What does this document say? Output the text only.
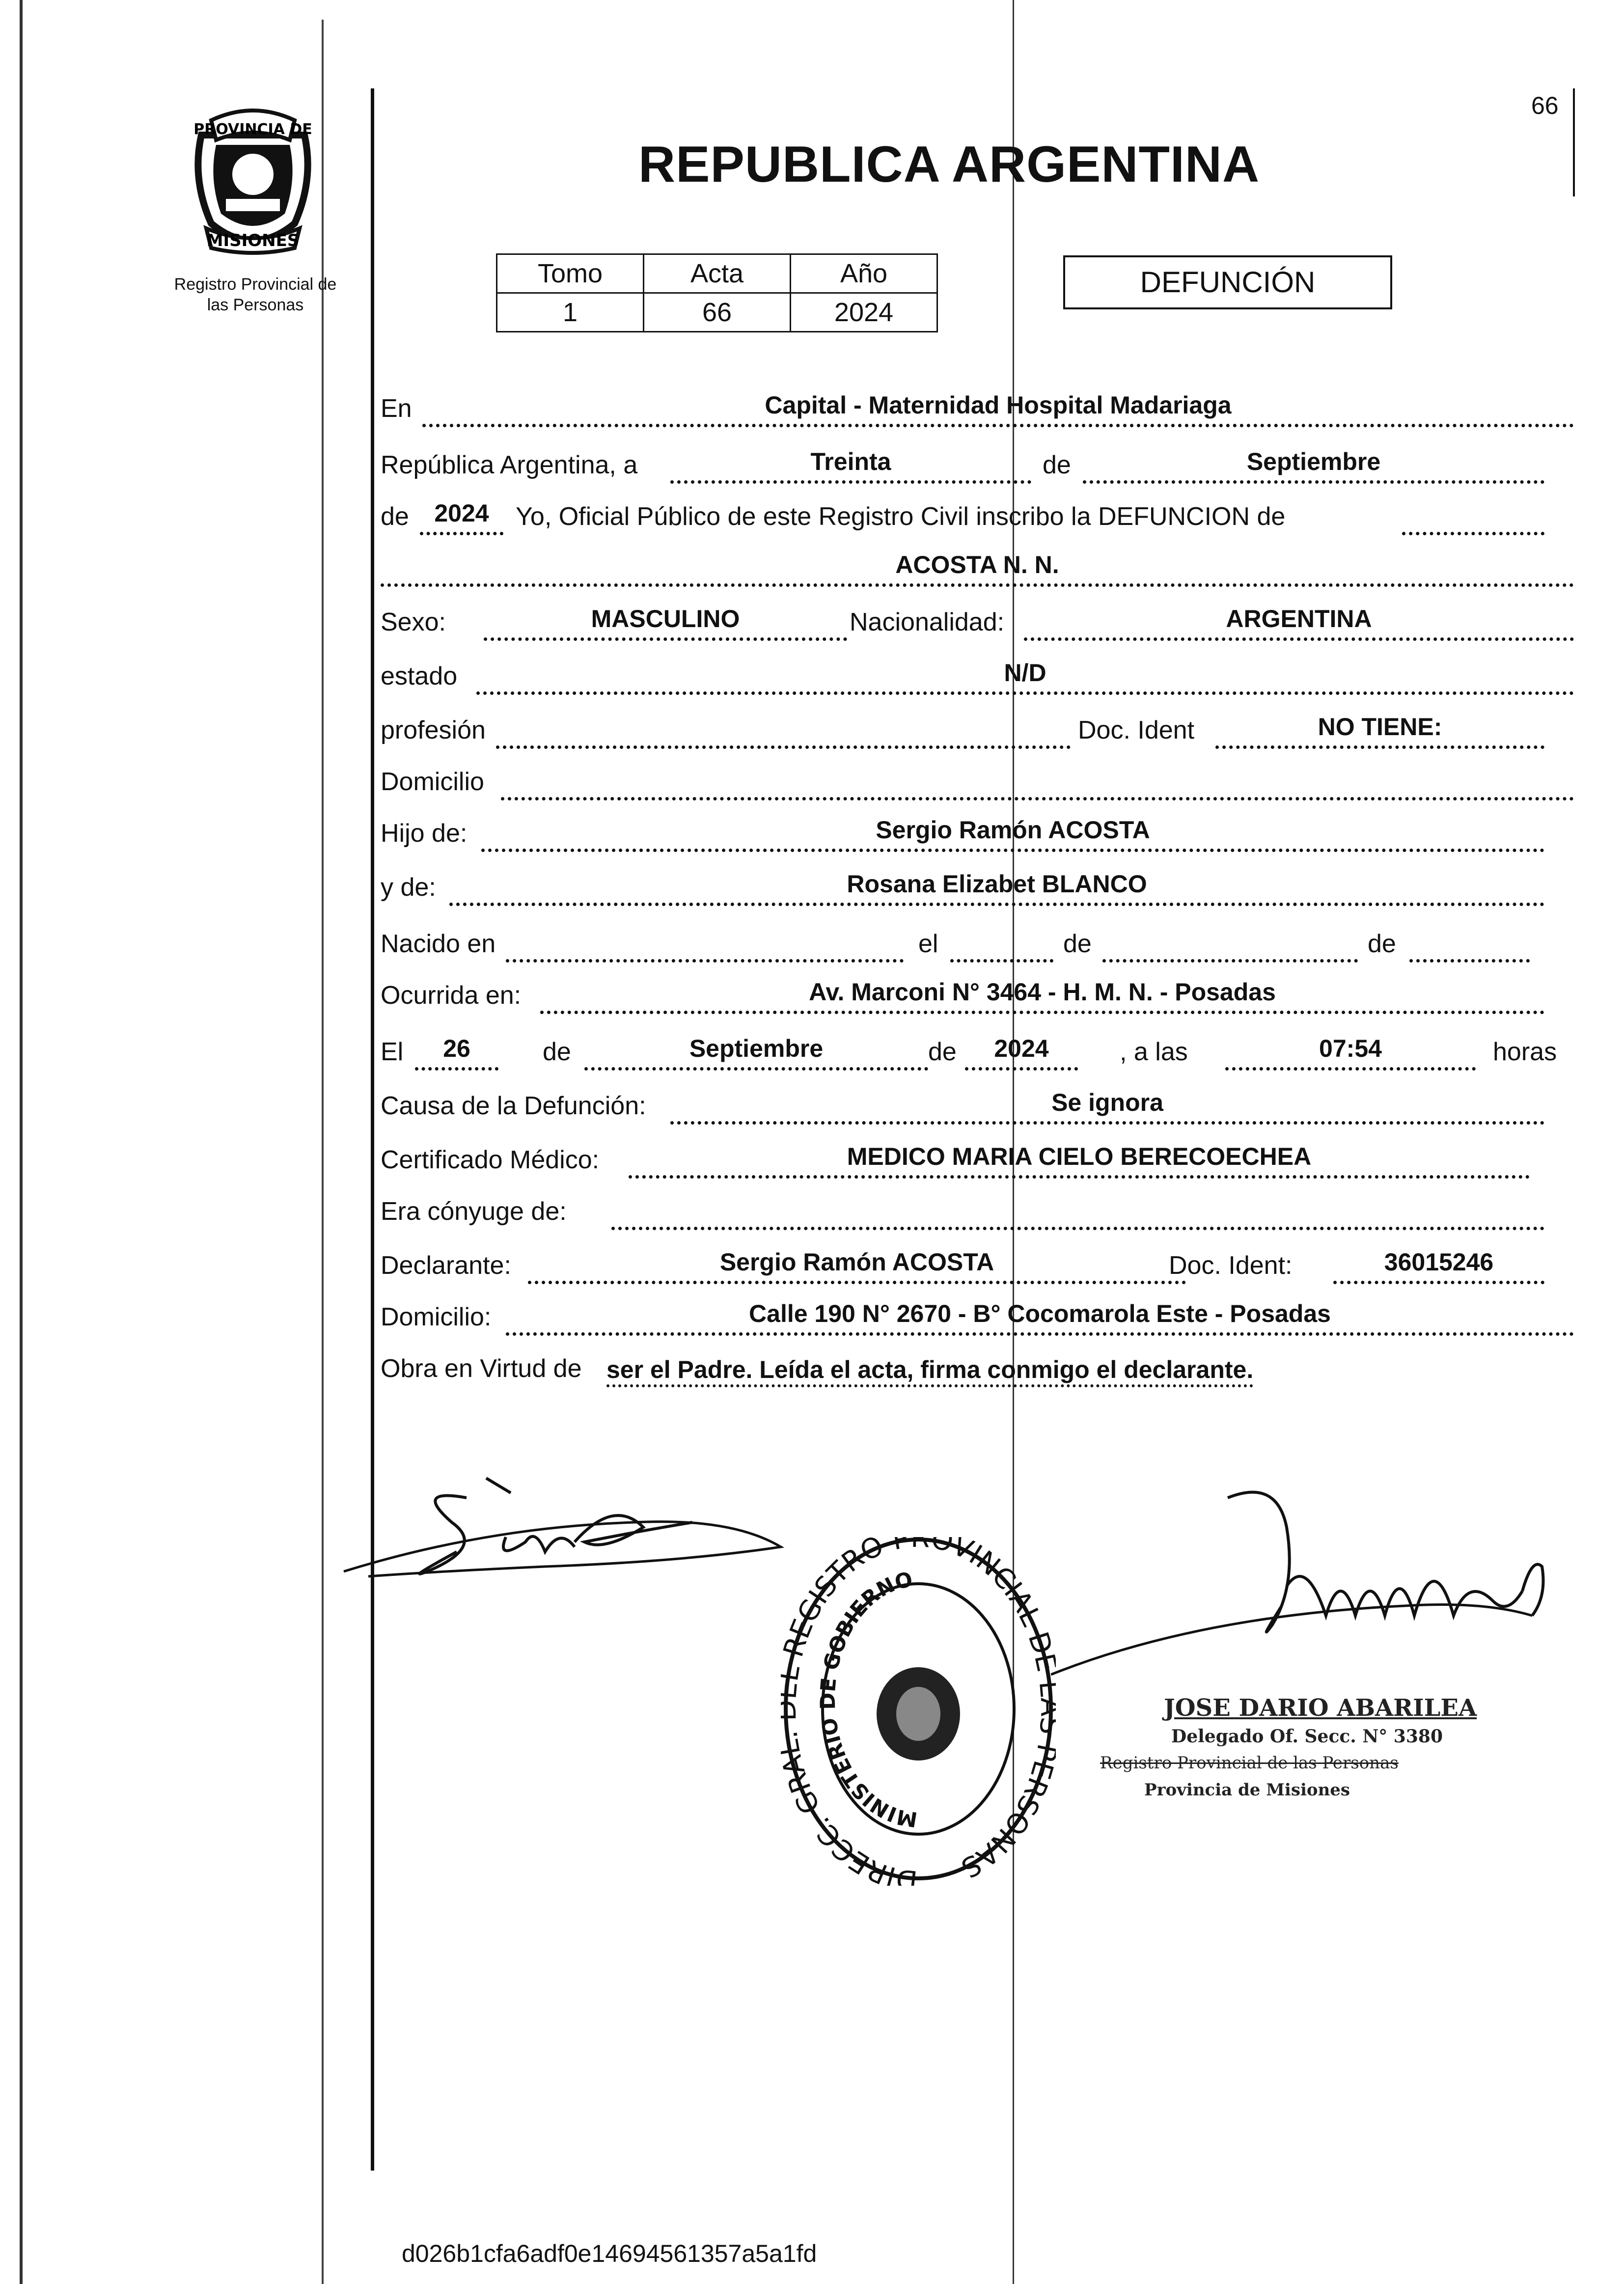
PROVINCIA DE
MISIONES
Registro Provincial de
las Personas
66
REPUBLICA ARGENTINA
Tomo	Acta	Año
1	66	2024
DEFUNCIÓN
En	Capital - Maternidad Hospital Madariaga
República Argentina, a	Treinta	de	Septiembre
de	2024	Yo, Oficial Público de este Registro Civil inscribo la DEFUNCION de
ACOSTA N. N.
Sexo:	MASCULINO	Nacionalidad:	ARGENTINA
estado	N/D
profesión	Doc. Ident	NO TIENE:
Domicilio
Hijo de:	Sergio Ramón ACOSTA
y de:	Rosana Elizabet BLANCO
Nacido en	el	de	de
Ocurrida en:	Av. Marconi N° 3464 - H. M. N. - Posadas
El	26	de	Septiembre	de	2024	, a las	07:54	horas
Causa de la Defunción:	Se ignora
Certificado Médico:	MEDICO MARIA CIELO BERECOECHEA
Era cónyuge de:
Declarante:	Sergio Ramón ACOSTA	Doc. Ident:	36015246
Domicilio:	Calle 190 N° 2670 - B° Cocomarola Este - Posadas
Obra en Virtud de ser el Padre. Leída el acta, firma conmigo el declarante.
DIRECC. GR REGISTRO PROVINCIAL D RSONAS
MINISTERIO DE GOBIERNO
JOSE DARIO ABARILEA
Delegado Of. Secc. N° 3380
Registro Provincial de las Personas
Provincia de Misiones
d026b1cfa6adf0e14694561357a5a1fd
